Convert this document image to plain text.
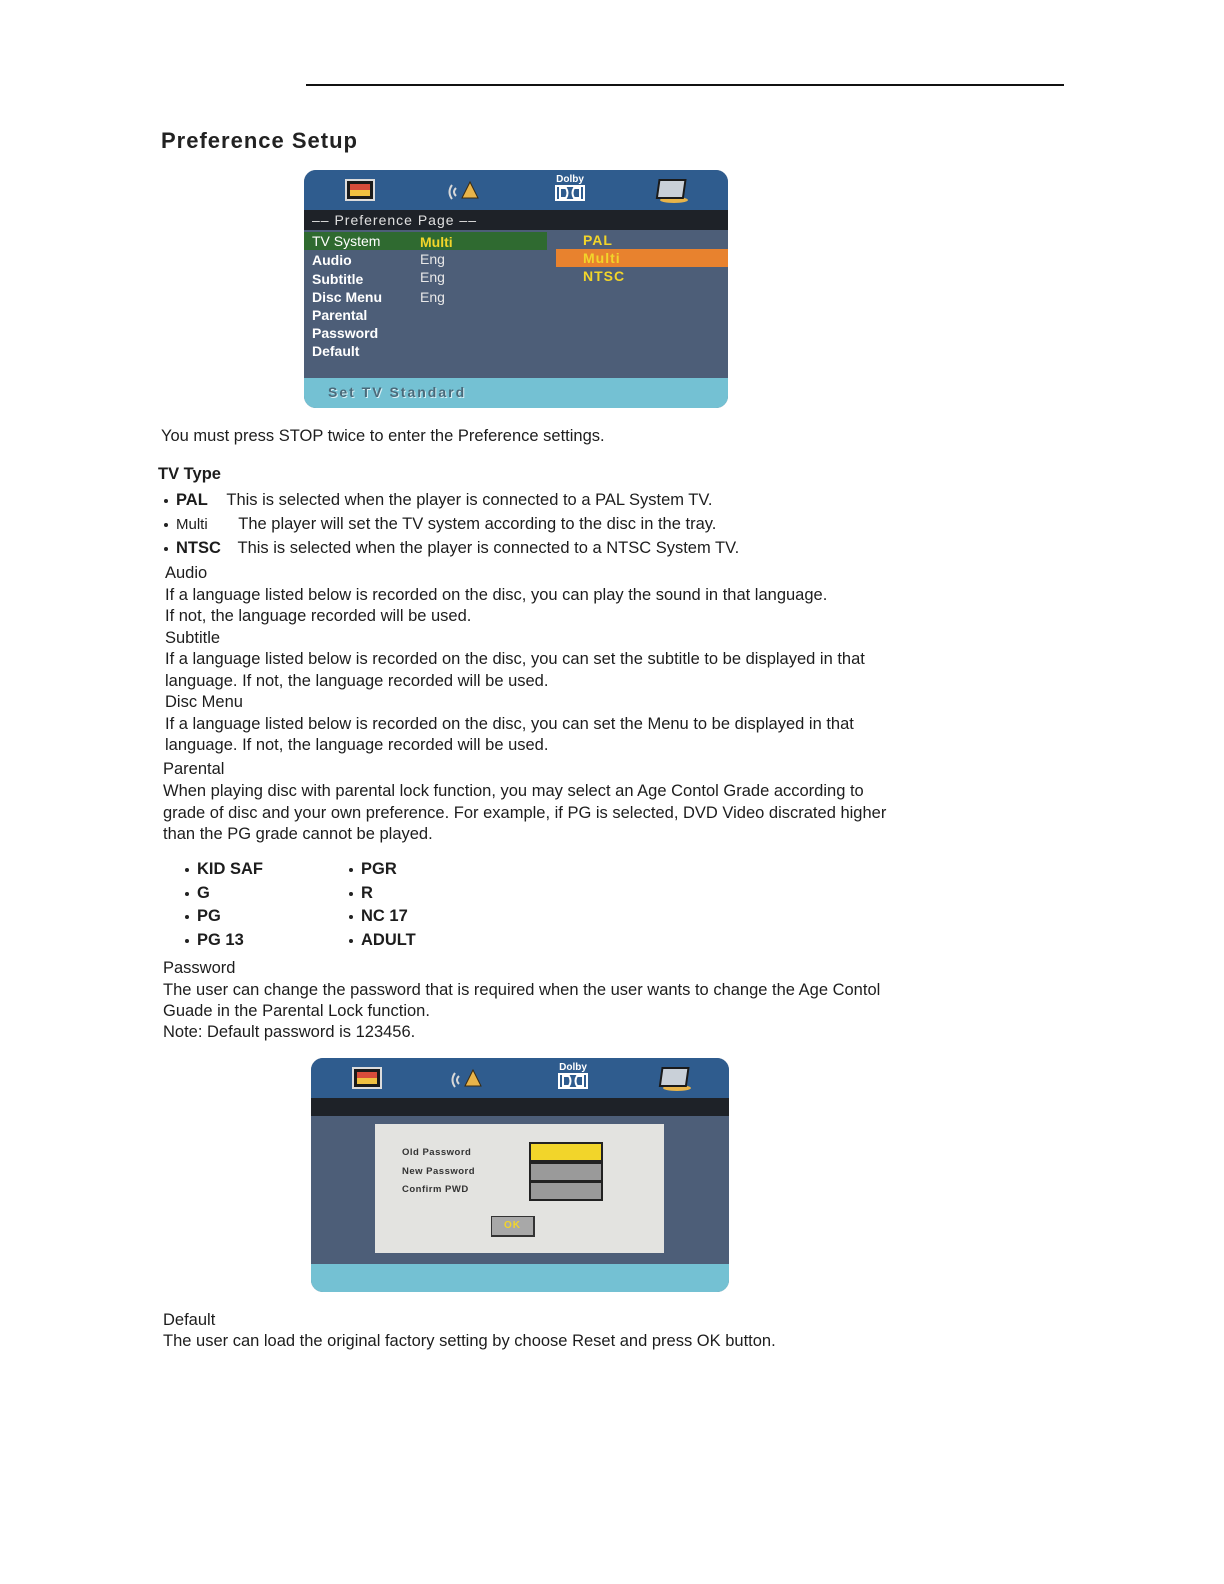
Preference Setup
Dolby
–– Preference Page ––
TV System	Multi
Audio	Eng
Subtitle	Eng
Disc Menu	Eng
Parental
Password
Default
PAL
Multi
NTSC
Set TV Standard
You must press STOP twice to enter the Preference settings.
TV Type
PAL This is selected when the player is connected to a PAL System TV.
Multi The player will set the TV system according to the disc in the tray.
NTSC This is selected when the player is connected to a NTSC System TV.
Audio
If a language listed below is recorded on the disc, you can play the sound in that language.
If not, the language recorded will be used.
Subtitle
If a language listed below is recorded on the disc, you can set the subtitle to be displayed in that
language. If not, the language recorded will be used.
Disc Menu
If a language listed below is recorded on the disc, you can set the Menu to be displayed in that
language. If not, the language recorded will be used.
Parental
When playing disc with parental lock function, you may select an Age Contol Grade according to
grade of disc and your own preference. For example, if PG is selected, DVD Video discrated higher
than the PG grade cannot be played.
KID SAF
G
PG
PG 13
PGR
R
NC 17
ADULT
Password
The user can change the password that is required when the user wants to change the Age Contol
Guade in the Parental Lock function.
Note: Default password is 123456.
Dolby
Old Password
New Password
Confirm PWD
OK
Default
The user can load the original factory setting by choose Reset and press OK button.
